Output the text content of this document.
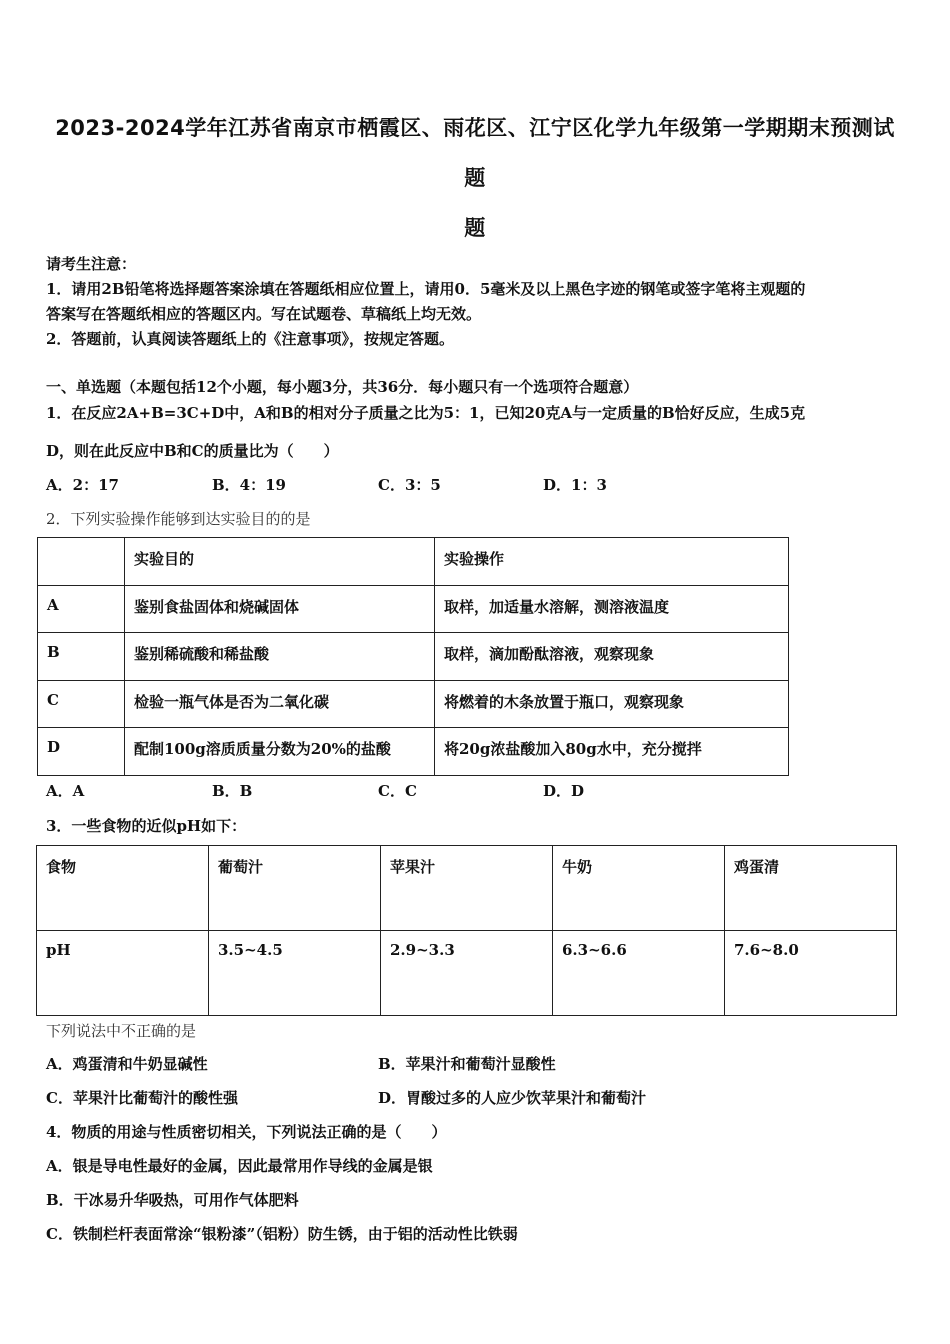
2023-2024学年江苏省南京市栖霞区、雨花区、江宁区化学九年级第一学期期末预测试
题
题
请考生注意：
1．请用2B铅笔将选择题答案涂填在答题纸相应位置上，请用0．5毫米及以上黑色字迹的钢笔或签字笔将主观题的
答案写在答题纸相应的答题区内。写在试题卷、草稿纸上均无效。
2．答题前，认真阅读答题纸上的《注意事项》，按规定答题。
一、单选题（本题包括12个小题，每小题3分，共36分．每小题只有一个选项符合题意）
1．在反应2A+B=3C+D中，A和B的相对分子质量之比为5：1，已知20克A与一定质量的B恰好反应，生成5克
D，则在此反应中B和C的质量比为（　　）
A．2：17	B．4：19	C．3：5	D．1：3
2．下列实验操作能够到达实验目的的是
	实验目的	实验操作
A	鉴别食盐固体和烧碱固体	取样，加适量水溶解，测溶液温度
B	鉴别稀硫酸和稀盐酸	取样，滴加酚酞溶液，观察现象
C	检验一瓶气体是否为二氧化碳	将燃着的木条放置于瓶口，观察现象
D	配制100g溶质质量分数为20%的盐酸	将20g浓盐酸加入80g水中，充分搅拌
A．A	B．B	C．C	D．D
3．一些食物的近似pH如下：
食物	葡萄汁	苹果汁	牛奶	鸡蛋清
pH	3.5~4.5	2.9~3.3	6.3~6.6	7.6~8.0
下列说法中不正确的是
A．鸡蛋清和牛奶显碱性	B．苹果汁和葡萄汁显酸性
C．苹果汁比葡萄汁的酸性强	D．胃酸过多的人应少饮苹果汁和葡萄汁
4．物质的用途与性质密切相关，下列说法正确的是（　　）
A．银是导电性最好的金属，因此最常用作导线的金属是银
B．干冰易升华吸热，可用作气体肥料
C．铁制栏杆表面常涂“银粉漆”（铝粉）防生锈，由于铝的活动性比铁弱
